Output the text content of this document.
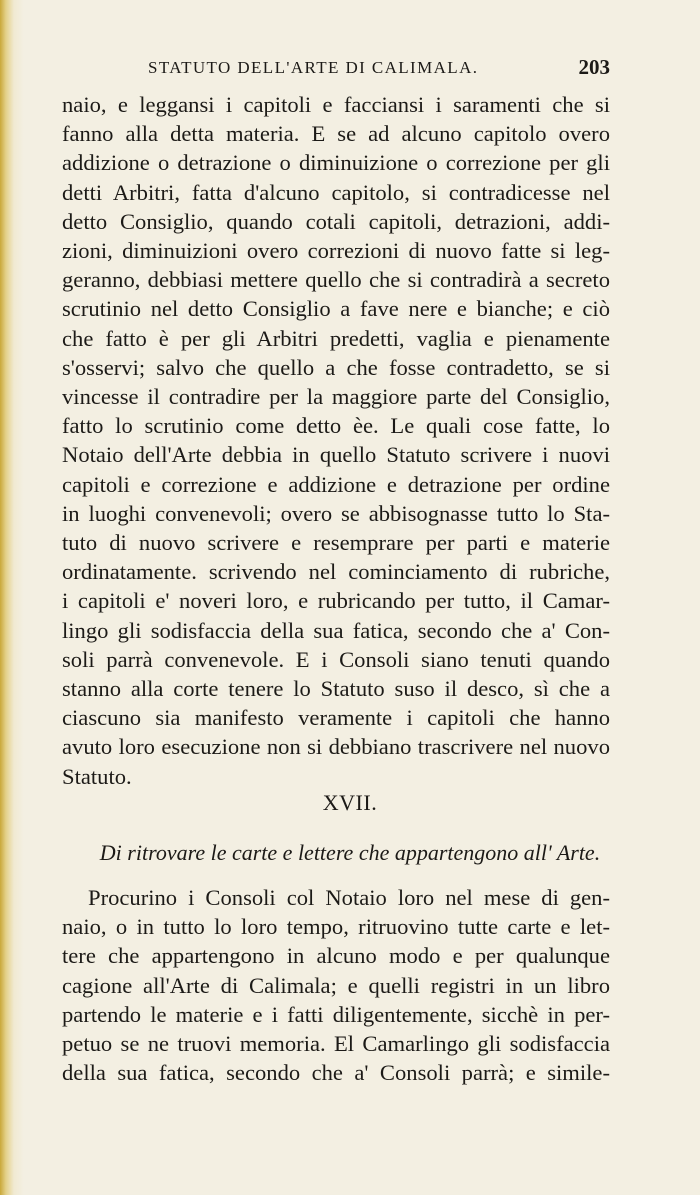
STATUTO DELL'ARTE DI CALIMALA.	203
naio, e leggansi i capitoli e facciansi i saramenti che si
fanno alla detta materia. E se ad alcuno capitolo overo
addizione o detrazione o diminuizione o correzione per gli
detti Arbitri, fatta d'alcuno capitolo, si contradicesse nel
detto Consiglio, quando cotali capitoli, detrazioni, addi-
zioni, diminuizioni overo correzioni di nuovo fatte si leg-
geranno, debbiasi mettere quello che si contradirà a secreto
scrutinio nel detto Consiglio a fave nere e bianche; e ciò
che fatto è per gli Arbitri predetti, vaglia e pienamente
s'osservi; salvo che quello a che fosse contradetto, se si
vincesse il contradire per la maggiore parte del Consiglio,
fatto lo scrutinio come detto èe. Le quali cose fatte, lo
Notaio dell'Arte debbia in quello Statuto scrivere i nuovi
capitoli e correzione e addizione e detrazione per ordine
in luoghi convenevoli; overo se abbisognasse tutto lo Sta-
tuto di nuovo scrivere e resemprare per parti e materie
ordinatamente. scrivendo nel cominciamento di rubriche,
i capitoli e' noveri loro, e rubricando per tutto, il Camar-
lingo gli sodisfaccia della sua fatica, secondo che a' Con-
soli parrà convenevole. E i Consoli siano tenuti quando
stanno alla corte tenere lo Statuto suso il desco, sì che a
ciascuno sia manifesto veramente i capitoli che hanno
avuto loro esecuzione non si debbiano trascrivere nel nuovo
Statuto.
XVII.
Di ritrovare le carte e lettere che appartengono all' Arte.
Procurino i Consoli col Notaio loro nel mese di gen-
naio, o in tutto lo loro tempo, ritruovino tutte carte e let-
tere che appartengono in alcuno modo e per qualunque
cagione all'Arte di Calimala; e quelli registri in un libro
partendo le materie e i fatti diligentemente, sicchè in per-
petuo se ne truovi memoria. El Camarlingo gli sodisfaccia
della sua fatica, secondo che a' Consoli parrà; e simile-
